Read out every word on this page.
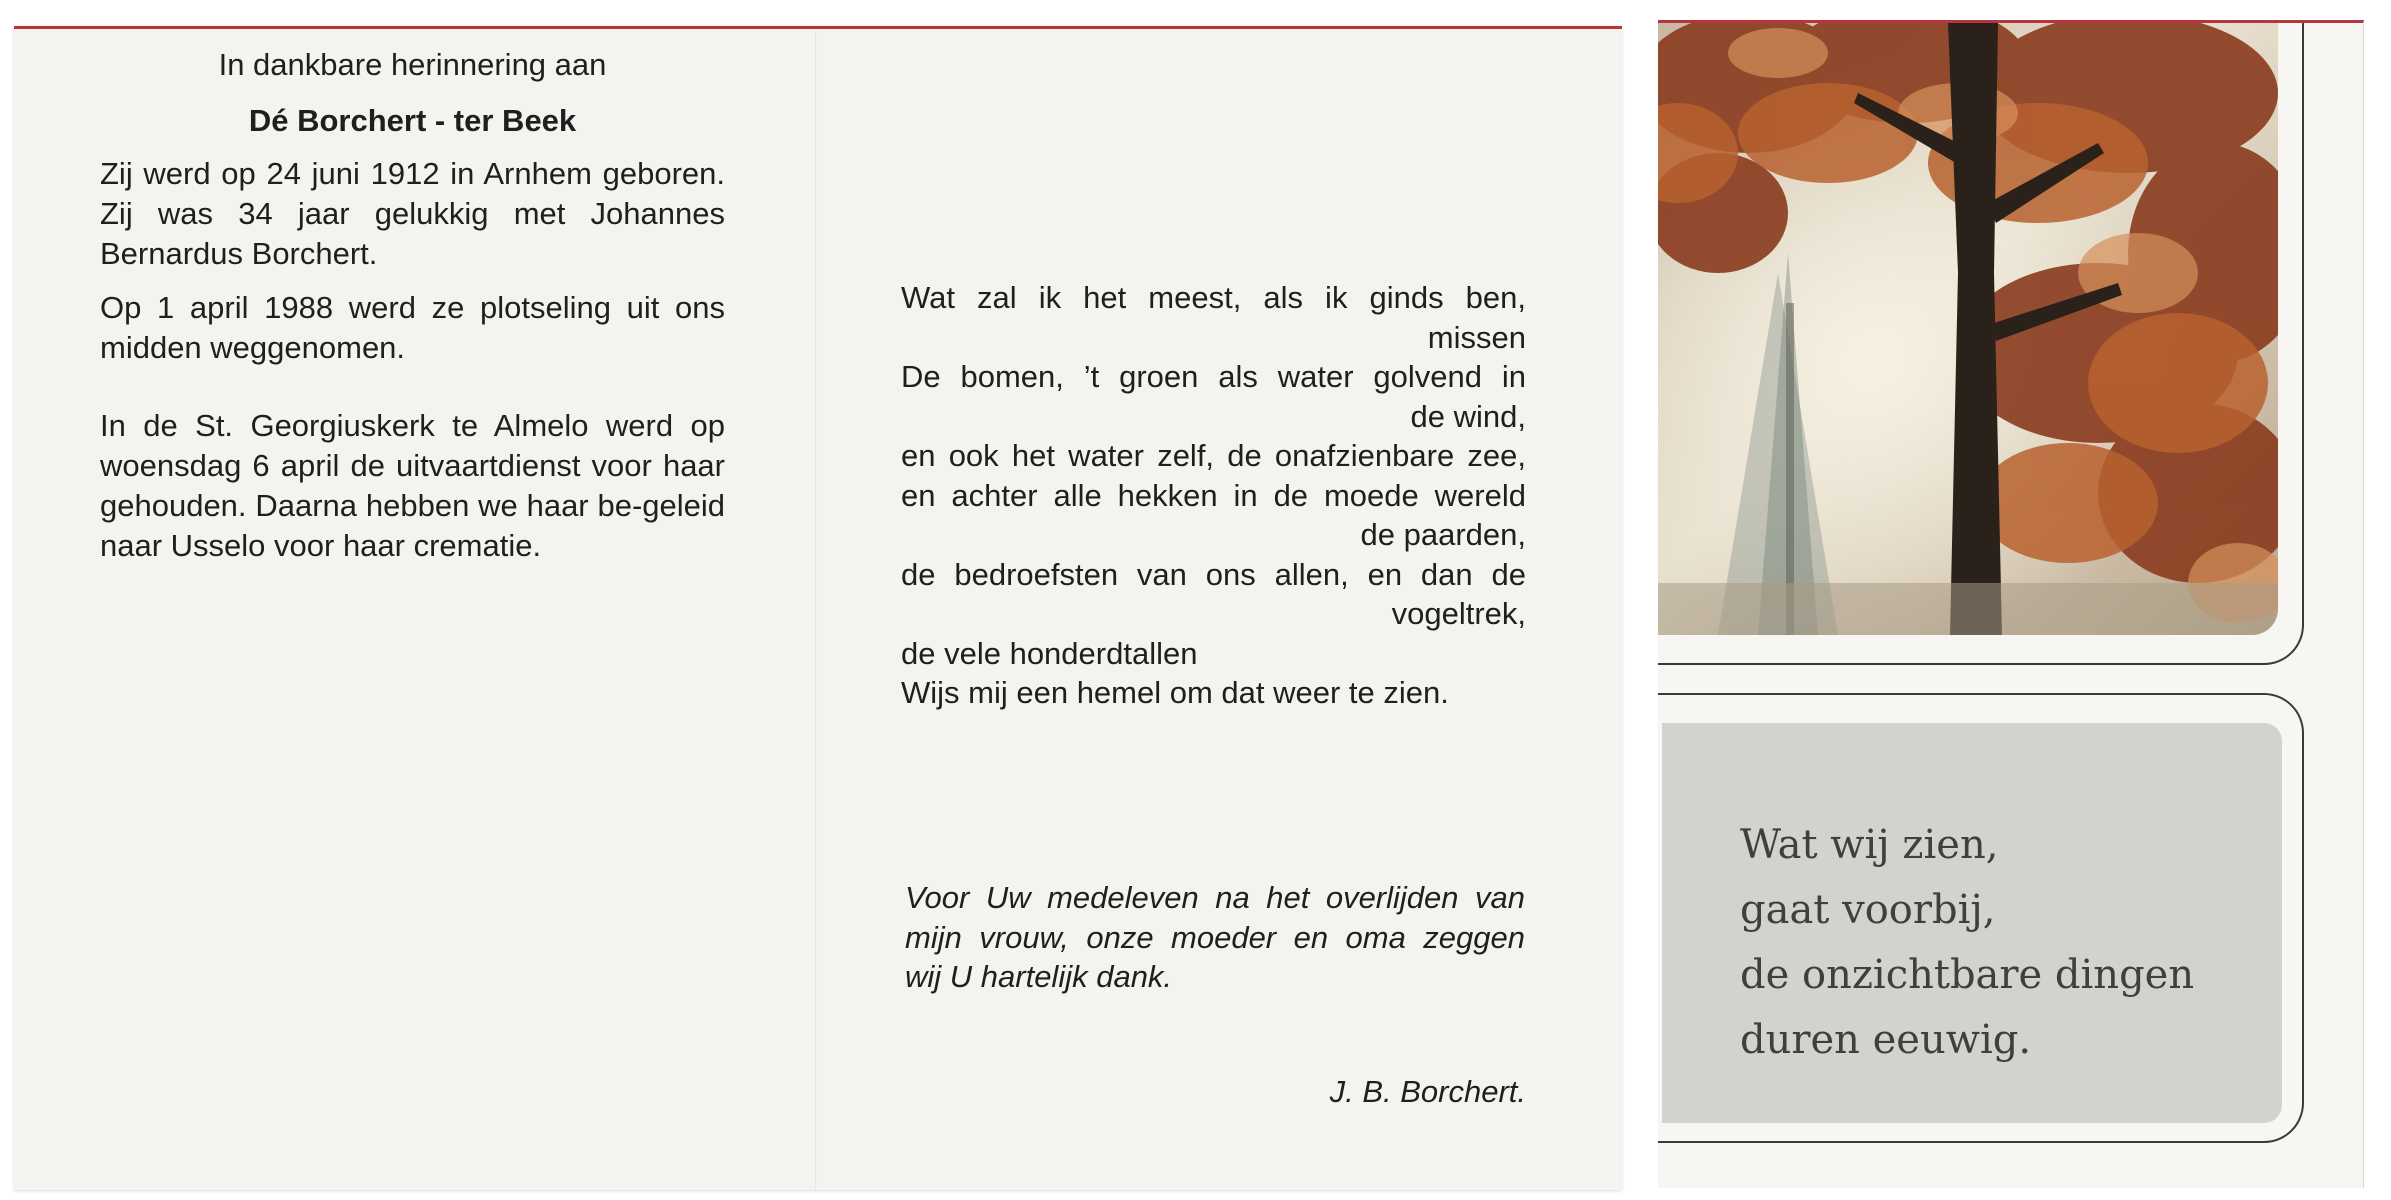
In dankbare herinnering aan
Dé Borchert - ter Beek

Zij werd op 24 juni 1912 in Arnhem geboren. Zij was 34 jaar gelukkig met Johannes Bernardus Borchert.

Op 1 april 1988 werd ze plotseling uit ons midden weggenomen.

In de St. Georgiuskerk te Almelo werd op woensdag 6 april de uitvaartdienst voor haar gehouden. Daarna hebben we haar be-geleid naar Usselo voor haar crematie.

Wat zal ik het meest, als ik ginds ben,
missen
De bomen, ’t groen als water golvend in
de wind,
en ook het water zelf, de onafzienbare zee,
en achter alle hekken in de moede wereld
de paarden,
de bedroefsten van ons allen, en dan de
vogeltrek,
de vele honderdtallen
Wijs mij een hemel om dat weer te zien.
Voor Uw medeleven na het overlijden van
mijn vrouw, onze moeder en oma zeggen
wij U hartelijk dank.
J. B. Borchert.
Wat wij zien,
gaat voorbij,
de onzichtbare dingen
duren eeuwig.
